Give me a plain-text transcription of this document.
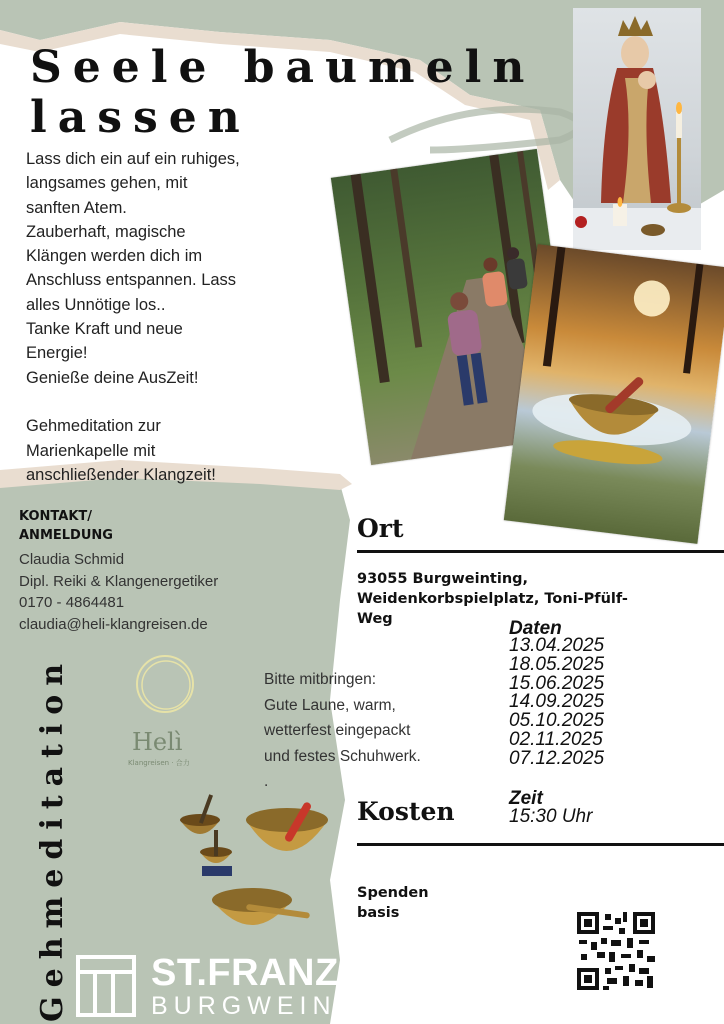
Seele baumeln
lassen
Lass dich ein auf ein ruhiges,
langsames gehen, mit
sanften Atem.
Zauberhaft, magische
Klängen werden dich im
Anschluss entspannen. Lass
alles Unnötige los..
Tanke Kraft und neue
Energie!
Genieße deine AusZeit!
Gehmeditation zur
Marienkapelle mit
anschließender Klangzeit!
KONTAKT/
ANMELDUNG
Claudia Schmid
Dipl. Reiki & Klangenergetiker
0170 - 4864481
claudia@heli-klangreisen.de
Ort
93055 Burgweinting,
Weidenkorbspielplatz, Toni-Pfülf-
Weg	Daten
13.04.2025
18.05.2025
15.06.2025
14.09.2025
05.10.2025
02.11.2025
07.12.2025
Bitte mitbringen:
Gute Laune, warm,
wetterfest eingepackt
und festes Schuhwerk.
.
Helì
Klangreisen · 合力
Zeit
15:30 Uhr
Kosten
Spenden
basis
Gehmeditation ST.FRANZISKUS
BURGWEINTING
